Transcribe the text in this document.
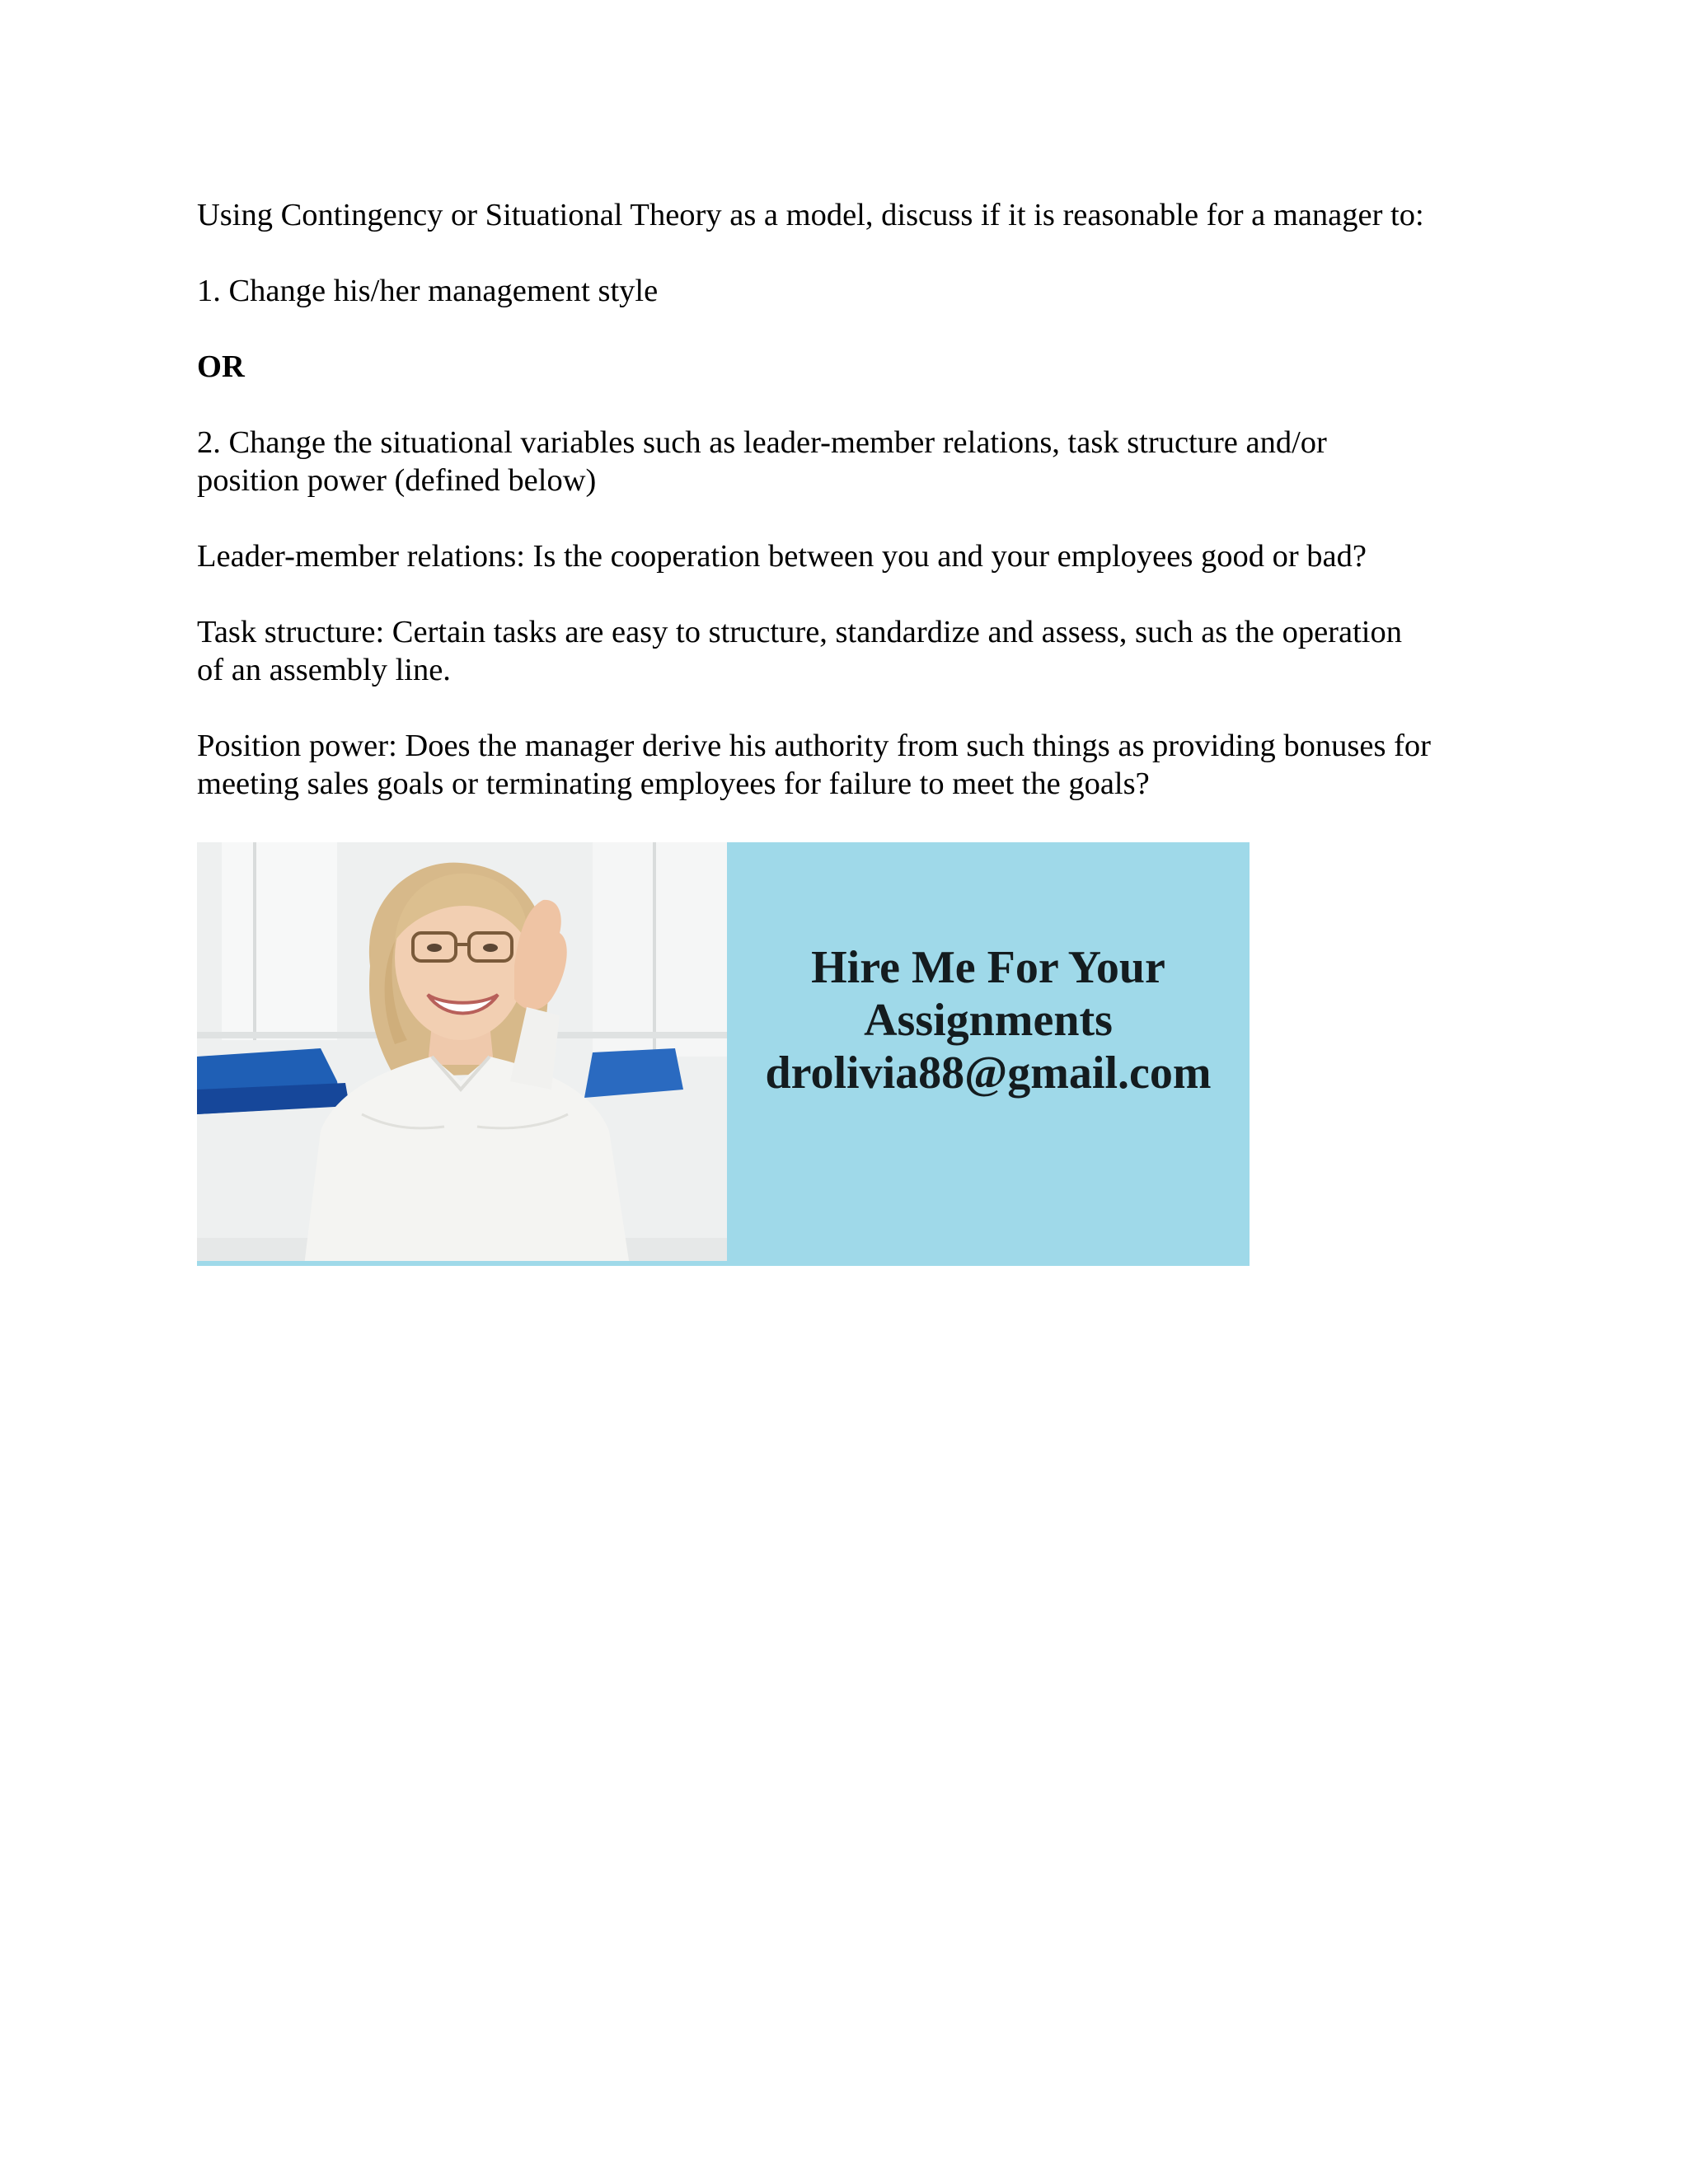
Using Contingency or Situational Theory as a model, discuss if it is reasonable for a manager to:

1. Change his/her management style

OR

2. Change the situational variables such as leader-member relations, task structure and/or
position power (defined below)

Leader-member relations: Is the cooperation between you and your employees good or bad?

Task structure: Certain tasks are easy to structure, standardize and assess, such as the operation
of an assembly line.

Position power: Does the manager derive his authority from such things as providing bonuses for
meeting sales goals or terminating employees for failure to meet the goals?

Hire Me For Your
Assignments
drolivia88@gmail.com
